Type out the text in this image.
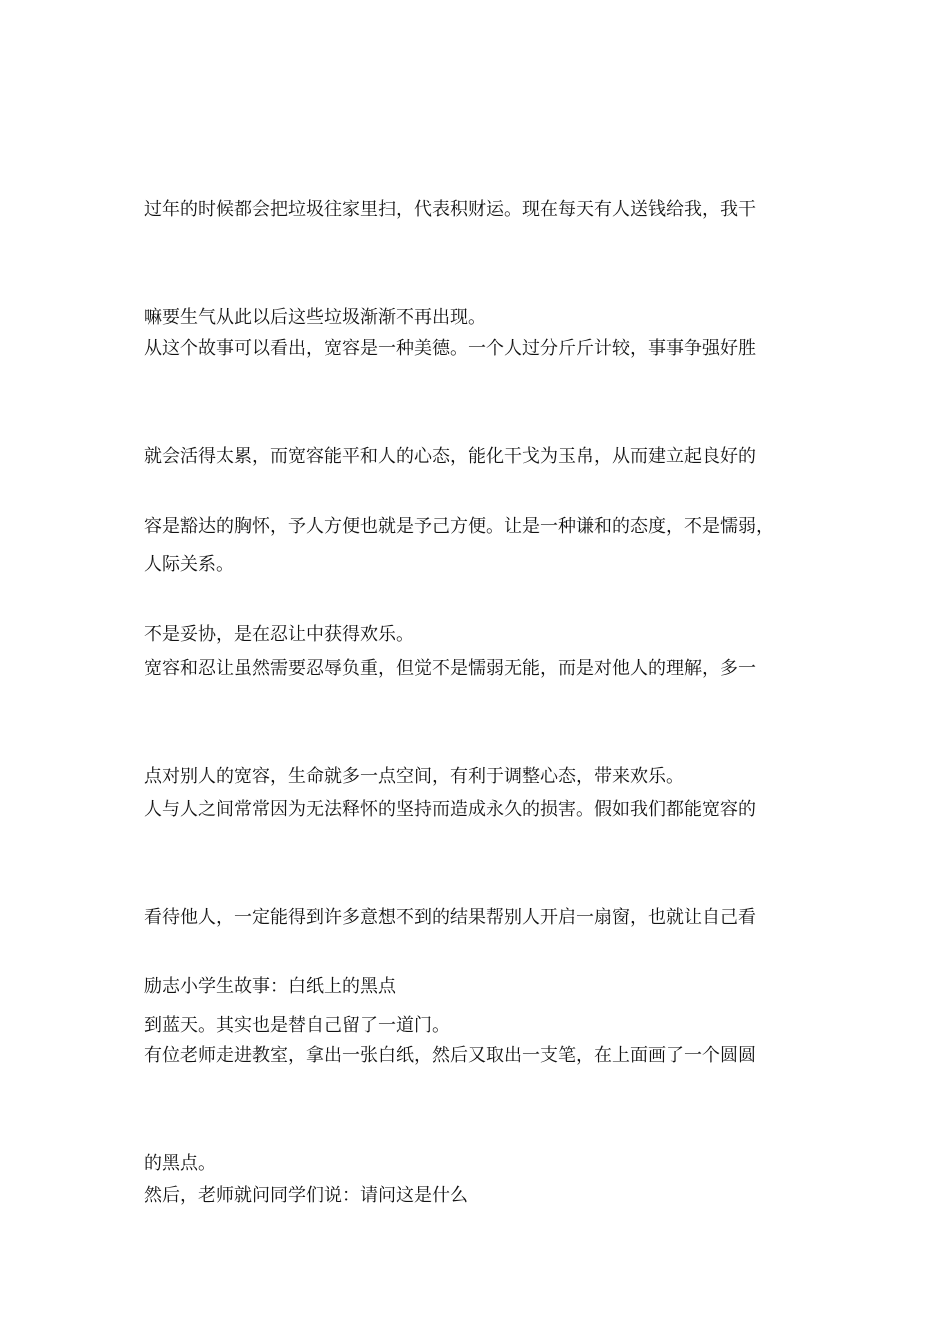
过年的时候都会把垃圾往家里扫，代表积财运。现在每天有人送钱给我，我干

嘛要生气从此以后这些垃圾渐渐不再出现。

从这个故事可以看出，宽容是一种美德。一个人过分斤斤计较，事事争强好胜

就会活得太累，而宽容能平和人的心态，能化干戈为玉帛，从而建立起良好的

人际关系。

容是豁达的胸怀，予人方便也就是予己方便。让是一种谦和的态度，不是懦弱，

不是妥协，是在忍让中获得欢乐。

宽容和忍让虽然需要忍辱负重，但觉不是懦弱无能，而是对他人的理解，多一

点对别人的宽容，生命就多一点空间，有利于调整心态，带来欢乐。

人与人之间常常因为无法释怀的坚持而造成永久的损害。假如我们都能宽容的

看待他人，一定能得到许多意想不到的结果帮别人开启一扇窗，也就让自己看

到蓝天。其实也是替自己留了一道门。

励志小学生故事：白纸上的黑点

有位老师走进教室，拿出一张白纸，然后又取出一支笔，在上面画了一个圆圆

的黑点。

然后，老师就问同学们说：请问这是什么
